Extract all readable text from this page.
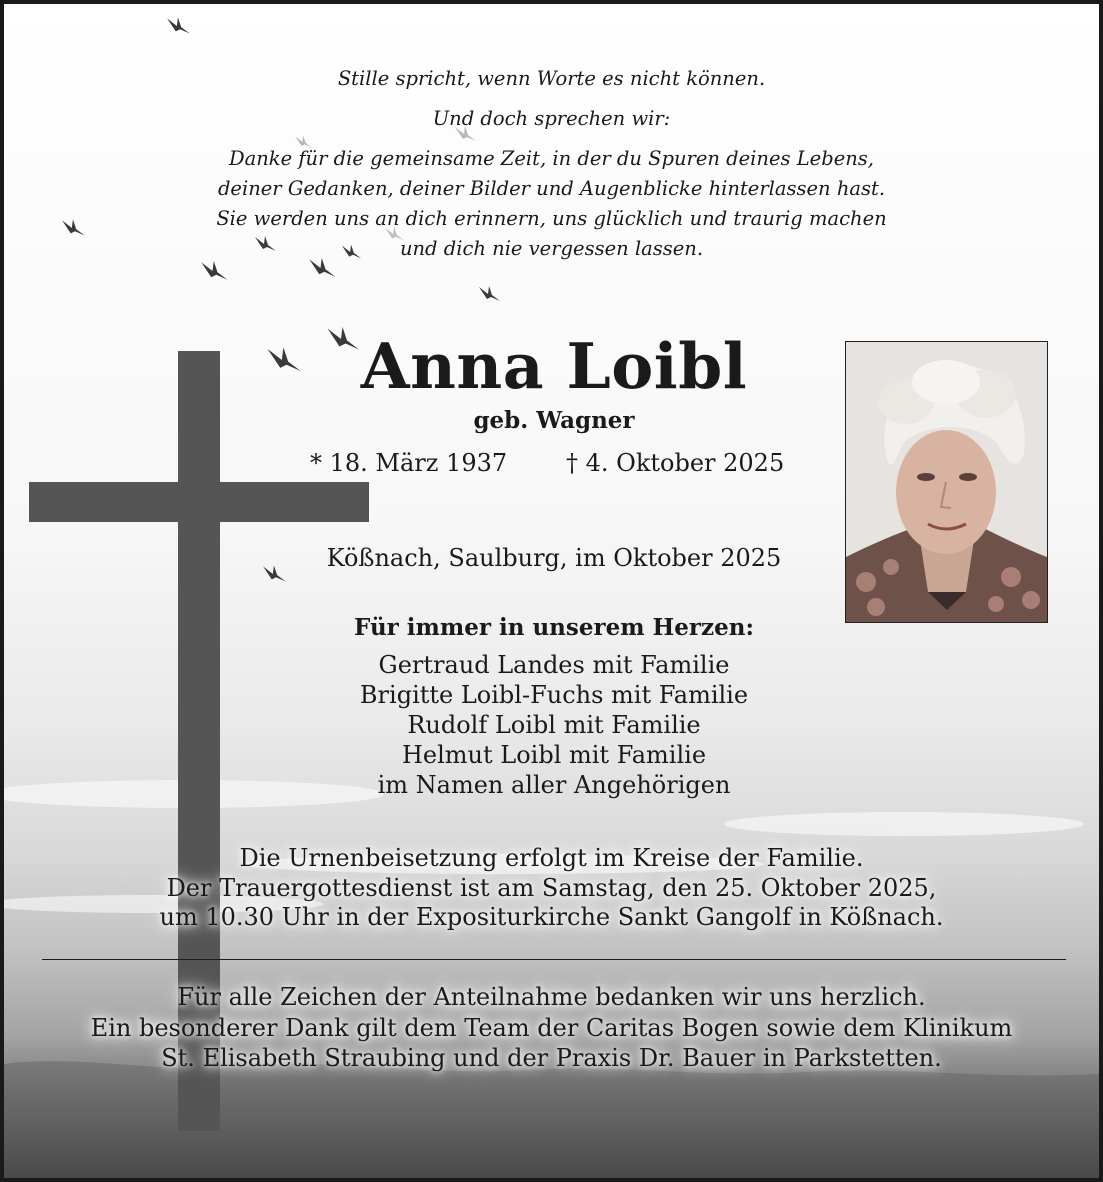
Stille spricht, wenn Worte es nicht können.
Und doch sprechen wir:
Danke für die gemeinsame Zeit, in der du Spuren deines Lebens,
deiner Gedanken, deiner Bilder und Augenblicke hinterlassen hast.
Sie werden uns an dich erinnern, uns glücklich und traurig machen
und dich nie vergessen lassen.
Anna Loibl
geb. Wagner
* 18. März 1937 † 4. Oktober 2025
Kößnach, Saulburg, im Oktober 2025
Für immer in unserem Herzen:
Gertraud Landes mit Familie
Brigitte Loibl-Fuchs mit Familie
Rudolf Loibl mit Familie
Helmut Loibl mit Familie
im Namen aller Angehörigen
Die Urnenbeisetzung erfolgt im Kreise der Familie.
Der Trauergottesdienst ist am Samstag, den 25. Oktober 2025,
um 10.30 Uhr in der Expositurkirche Sankt Gangolf in Kößnach.
Für alle Zeichen der Anteilnahme bedanken wir uns herzlich.
Ein besonderer Dank gilt dem Team der Caritas Bogen sowie dem Klinikum
St. Elisabeth Straubing und der Praxis Dr. Bauer in Parkstetten.
